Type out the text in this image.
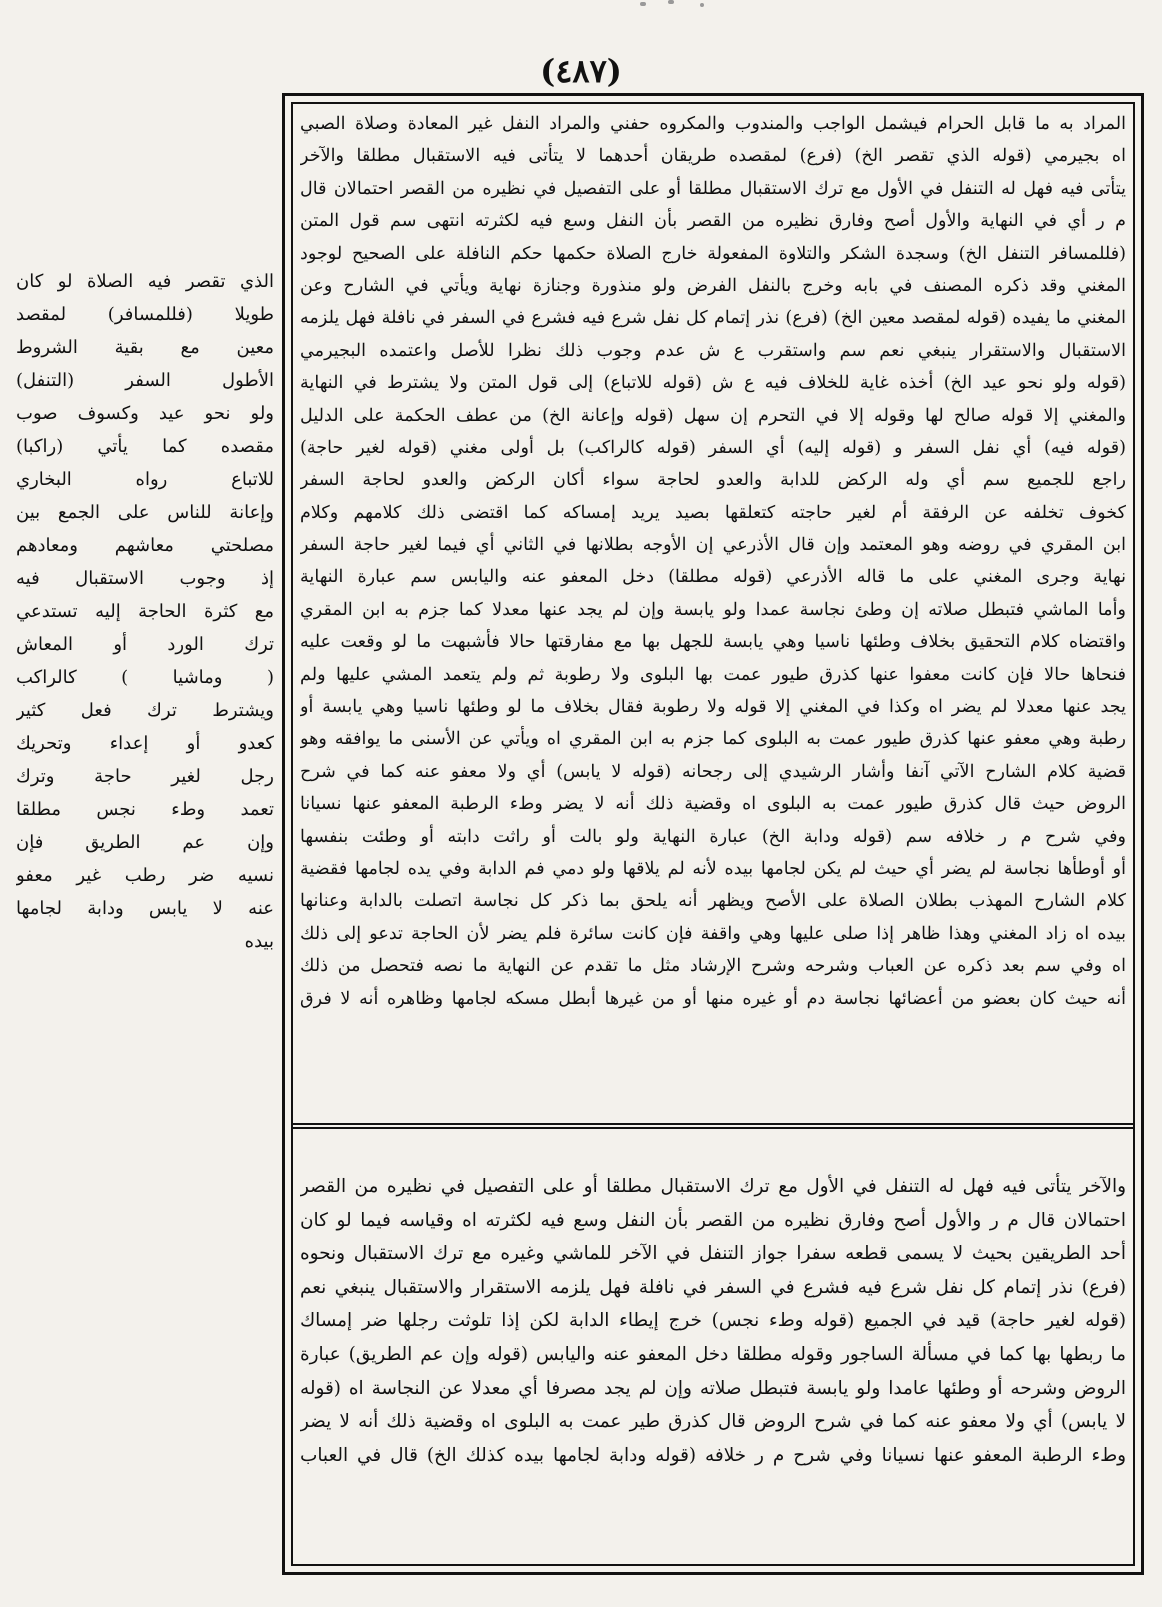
(٤٨٧)
المراد به ما قابل الحرام فيشمل الواجب والمندوب والمكروه حفني والمراد النفل غير المعادة وصلاة الصبي
اه بجيرمي (قوله الذي تقصر الخ) (فرع) لمقصده طريقان أحدهما لا يتأتى فيه الاستقبال مطلقا والآخر
يتأتى فيه فهل له التنفل في الأول مع ترك الاستقبال مطلقا أو على التفصيل في نظيره من القصر احتمالان قال
م ر أي في النهاية والأول أصح وفارق نظيره من القصر بأن النفل وسع فيه لكثرته انتهى سم قول المتن
(فللمسافر التنفل الخ) وسجدة الشكر والتلاوة المفعولة خارج الصلاة حكمها حكم النافلة على الصحيح لوجود
المغني وقد ذكره المصنف في بابه وخرج بالنفل الفرض ولو منذورة وجنازة نهاية ويأتي في الشارح وعن
المغني ما يفيده (قوله لمقصد معين الخ) (فرع) نذر إتمام كل نفل شرع فيه فشرع في السفر في نافلة فهل يلزمه
الاستقبال والاستقرار ينبغي نعم سم واستقرب ع ش عدم وجوب ذلك نظرا للأصل واعتمده البجيرمي
(قوله ولو نحو عيد الخ) أخذه غاية للخلاف فيه ع ش (قوله للاتباع) إلى قول المتن ولا يشترط في النهاية
والمغني إلا قوله صالح لها وقوله إلا في التحرم إن سهل (قوله وإعانة الخ) من عطف الحكمة على الدليل
(قوله فيه) أي نفل السفر و (قوله إليه) أي السفر (قوله كالراكب) بل أولى مغني (قوله لغير حاجة)
راجع للجميع سم أي وله الركض للدابة والعدو لحاجة سواء أكان الركض والعدو لحاجة السفر
كخوف تخلفه عن الرفقة أم لغير حاجته كتعلقها بصيد يريد إمساكه كما اقتضى ذلك كلامهم وكلام
ابن المقري في روضه وهو المعتمد وإن قال الأذرعي إن الأوجه بطلانها في الثاني أي فيما لغير حاجة السفر
نهاية وجرى المغني على ما قاله الأذرعي (قوله مطلقا) دخل المعفو عنه واليابس سم عبارة النهاية
وأما الماشي فتبطل صلاته إن وطئ نجاسة عمدا ولو يابسة وإن لم يجد عنها معدلا كما جزم به ابن المقري
واقتضاه كلام التحقيق بخلاف وطئها ناسيا وهي يابسة للجهل بها مع مفارقتها حالا فأشبهت ما لو وقعت عليه
فنحاها حالا فإن كانت معفوا عنها كذرق طيور عمت بها البلوى ولا رطوبة ثم ولم يتعمد المشي عليها ولم
يجد عنها معدلا لم يضر اه وكذا في المغني إلا قوله ولا رطوبة فقال بخلاف ما لو وطئها ناسيا وهي يابسة أو
رطبة وهي معفو عنها كذرق طيور عمت به البلوى كما جزم به ابن المقري اه ويأتي عن الأسنى ما يوافقه وهو
قضية كلام الشارح الآتي آنفا وأشار الرشيدي إلى رجحانه (قوله لا يابس) أي ولا معفو عنه كما في شرح
الروض حيث قال كذرق طيور عمت به البلوى اه وقضية ذلك أنه لا يضر وطء الرطبة المعفو عنها نسيانا
وفي شرح م ر خلافه سم (قوله ودابة الخ) عبارة النهاية ولو بالت أو راثت دابته أو وطئت بنفسها
أو أوطأها نجاسة لم يضر أي حيث لم يكن لجامها بيده لأنه لم يلاقها ولو دمي فم الدابة وفي يده لجامها فقضية
كلام الشارح المهذب بطلان الصلاة على الأصح ويظهر أنه يلحق بما ذكر كل نجاسة اتصلت بالدابة وعنانها
بيده اه زاد المغني وهذا ظاهر إذا صلى عليها وهي واقفة فإن كانت سائرة فلم يضر لأن الحاجة تدعو إلى ذلك
اه وفي سم بعد ذكره عن العباب وشرحه وشرح الإرشاد مثل ما تقدم عن النهاية ما نصه فتحصل من ذلك
أنه حيث كان بعضو من أعضائها نجاسة دم أو غيره منها أو من غيرها أبطل مسكه لجامها وظاهره أنه لا فرق
والآخر يتأتى فيه فهل له التنفل في الأول مع ترك الاستقبال مطلقا أو على التفصيل في نظيره من القصر
احتمالان قال م ر والأول أصح وفارق نظيره من القصر بأن النفل وسع فيه لكثرته اه وقياسه فيما لو كان
أحد الطريقين بحيث لا يسمى قطعه سفرا جواز التنفل في الآخر للماشي وغيره مع ترك الاستقبال ونحوه
(فرع) نذر إتمام كل نفل شرع فيه فشرع في السفر في نافلة فهل يلزمه الاستقرار والاستقبال ينبغي نعم
(قوله لغير حاجة) قيد في الجميع (قوله وطء نجس) خرج إيطاء الدابة لكن إذا تلوثت رجلها ضر إمساك
ما ربطها بها كما في مسألة الساجور وقوله مطلقا دخل المعفو عنه واليابس (قوله وإن عم الطريق) عبارة
الروض وشرحه أو وطئها عامدا ولو يابسة فتبطل صلاته وإن لم يجد مصرفا أي معدلا عن النجاسة اه (قوله
لا يابس) أي ولا معفو عنه كما في شرح الروض قال كذرق طير عمت به البلوى اه وقضية ذلك أنه لا يضر
وطء الرطبة المعفو عنها نسيانا وفي شرح م ر خلافه (قوله ودابة لجامها بيده كذلك الخ) قال في العباب
الذي تقصر فيه الصلاة لو كان
طويلا (فللمسافر) لمقصد
معين مع بقية الشروط
الأطول السفر (التنفل)
ولو نحو عيد وكسوف صوب
مقصده كما يأتي (راكبا)
للاتباع رواه البخاري
وإعانة للناس على الجمع بين
مصلحتي معاشهم ومعادهم
إذ وجوب الاستقبال فيه
مع كثرة الحاجة إليه تستدعي
ترك الورد أو المعاش
( وماشيا ) كالراكب
ويشترط ترك فعل كثير
كعدو أو إعداء وتحريك
رجل لغير حاجة وترك
تعمد وطء نجس مطلقا
وإن عم الطريق فإن
نسيه ضر رطب غير معفو
عنه لا يابس ودابة لجامها
بيده
